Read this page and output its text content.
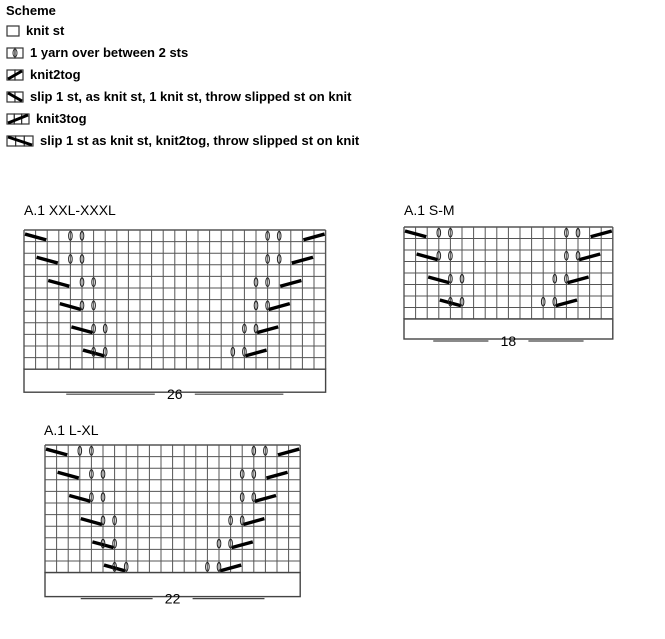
Scheme
knit st
1 yarn over between 2 sts
knit2tog
slip 1 st, as knit st, 1 knit st, throw slipped st on knit
knit3tog
slip 1 st as knit st, knit2tog, throw slipped st on knit
A.1 XXL-XXXL
26
A.1 S-M
18
A.1 L-XL
22
